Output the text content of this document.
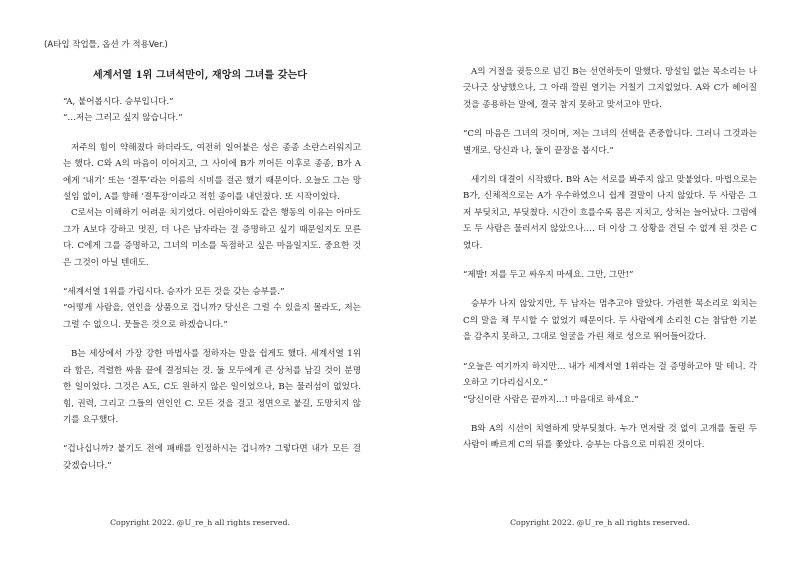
(A타입 작업틀, 옵션 가 적용Ver.)
세계서열 1위 그녀석만이, 재앙의 그녀를 갖는다

“A, 붙어봅시다. 승부입니다.”

“…저는 그러고 싶지 않습니다.”

저주의 힘이 약해졌다 하더라도, 여전히 일어붙은 성은 종종 소란스러워지고는 했다. C와 A의 마음이 이어지고, 그 사이에 B가 끼어든 이후로 종종, B가 A에게 ‘내기’ 또는 ‘결투’라는 이름의 시비를 걸곤 했기 때문이다. 오늘도 그는 망설임 없이, A를 향해 ‘결투장’이라고 적힌 종이를 내던졌다. 또 시작이었다.

C로서는 이해하기 어려운 치기였다. 어린아이와도 같은 행동의 이유는 아마도 그가 A보다 강하고 멋진, 더 나은 남자라는 걸 증명하고 싶기 때문일지도 모른다. C에게 그를 증명하고, 그녀의 미소를 독점하고 싶은 마음일지도. 중요한 것은 그것이 아닐 텐데도.

“세계서열 1위를 가립시다. 승자가 모든 것을 갖는 승부를.”

“어떻게 사람을, 연인을 상품으로 겁니까? 당신은 그럴 수 있을지 몰라도, 저는 그럴 수 없으니. 뭇들은 것으로 하겠습니다.”

B는 세상에서 가장 강한 마법사를 정하자는 말을 쉽게도 했다. 세계서열 1위라 함은, 격렬한 싸움 끝에 결정되는 것. 둘 모두에게 큰 상처를 남길 것이 분명한 일이었다. 그것은 A도, C도 원하지 않은 일이었으나, B는 물러섬이 없었다. 힘, 권력, 그리고 그들의 연인인 C. 모든 것을 걸고 정면으로 붙길, 도망치지 않기를 요구했다.

“겁나십니까? 붙기도 전에 패배를 인정하시는 겁니까? 그렇다면 내가 모든 걸 갖겠습니다.”

Copyright 2022. @U_re_h all rights reserved.

A의 거절을 귓등으로 넘긴 B는 선언하듯이 말했다. 망설임 없는 목소리는 나긋나긋 상냥했으나, 그 아래 깔린 열기는 거칠기 그지없었다. A와 C가 헤어질 것을 종용하는 말에, 결국 참지 못하고 맞서고야 만다.

“C의 마음은 그녀의 것이며, 저는 그녀의 선택을 존중합니다. 그러니 그것과는 별개로. 당신과 나, 둘이 끝장을 봅시다.”

세기의 대결이 시작됐다. B와 A는 서로를 봐주지 않고 맞붙었다. 마법으로는 B가, 신체적으로는 A가 우수하였으니 쉽게 결말이 나지 않았다. 두 사람은 그저 부딪치고, 부딪쳤다. 시간이 흐를수록 몸은 지치고, 상처는 늘어났다. 그럼에도 두 사람은 물러서지 않았으나…. 더 이상 그 상황을 견딜 수 없게 된 것은 C였다.

“제발! 저를 두고 싸우지 마세요. 그만, 그만!”

승부가 나지 않았지만, 두 남자는 멈추고야 말았다. 가련한 목소리로 외치는 C의 말을 채 무시할 수 없었기 때문이다. 두 사람에게 소리친 C는 참담한 기분을 감추지 못하고, 그대로 얼굴을 가린 채로 성으로 뛰어들어갔다.

“오늘은 여기까지 하지만… 내가 세계서열 1위라는 걸 증명하고야 말 테니. 각오하고 기다리십시오.”

“당신이란 사람은 끝까지…! 마음대로 하세요.”

B와 A의 시선이 치열하게 맞부딪쳤다. 누가 먼저랄 것 없이 고개를 돌린 두 사람이 빠르게 C의 뒤를 쫓았다. 승부는 다음으로 미뤄진 것이다.

Copyright 2022. @U_re_h all rights reserved.
